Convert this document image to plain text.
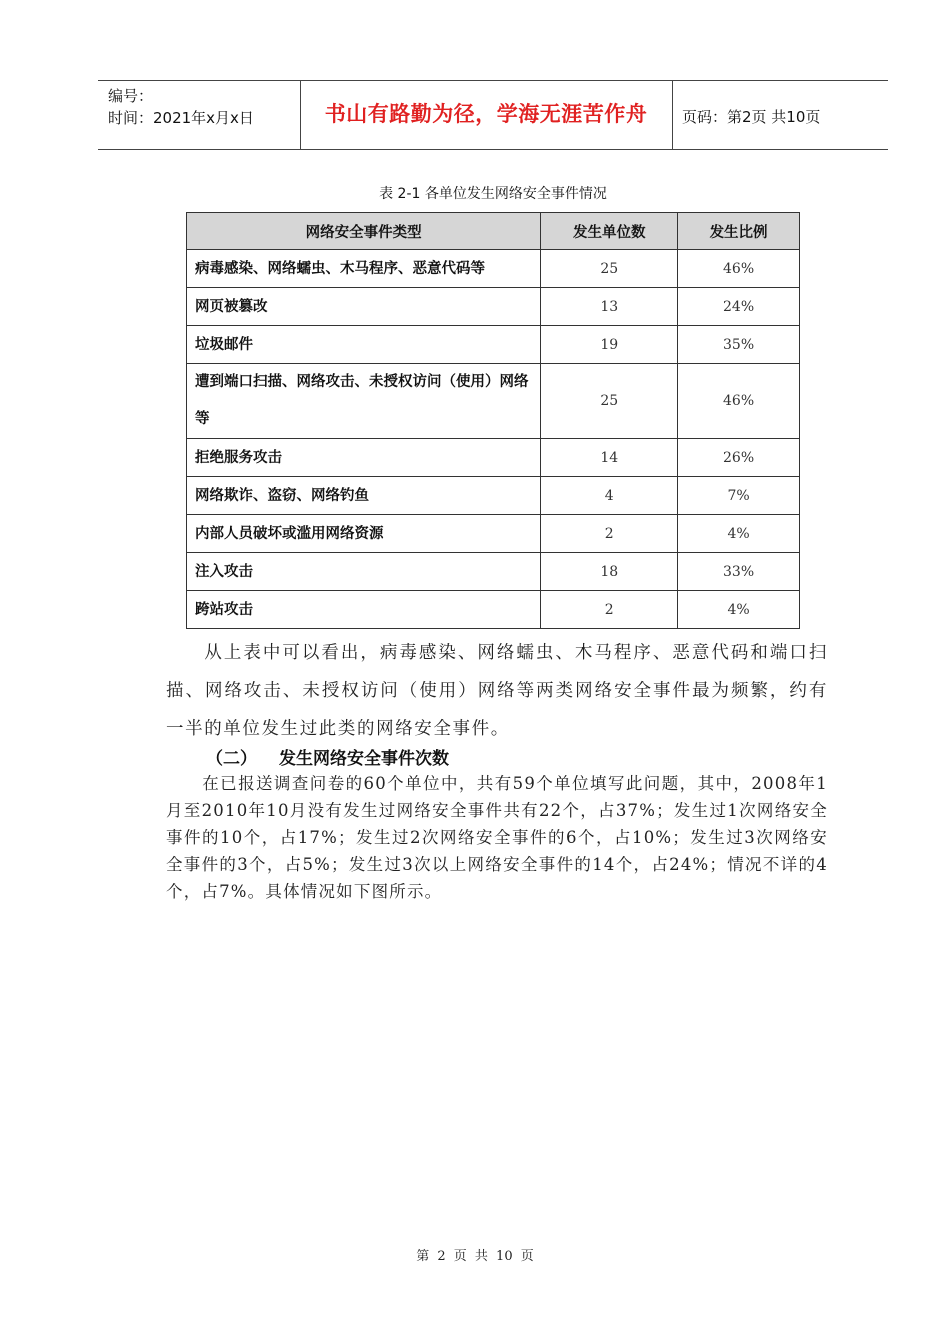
编号：
时间：2021年x月x日	书山有路勤为径，学海无涯苦作舟	页码：第2页 共10页
表 2-1 各单位发生网络安全事件情况
网络安全事件类型	发生单位数	发生比例
病毒感染、网络蠕虫、木马程序、恶意代码等	25	46%
网页被篡改	13	24%
垃圾邮件	19	35%
遭到端口扫描、网络攻击、未授权访问（使用）网络等	25	46%
拒绝服务攻击	14	26%
网络欺诈、盗窃、网络钓鱼	4	7%
内部人员破坏或滥用网络资源	2	4%
注入攻击	18	33%
跨站攻击	2	4%
从上表中可以看出，病毒感染、网络蠕虫、木马程序、恶意代码和端口扫描、网络攻击、未授权访问（使用）网络等两类网络安全事件最为频繁，约有一半的单位发生过此类的网络安全事件。
（二） 发生网络安全事件次数
在已报送调查问卷的60个单位中，共有59个单位填写此问题，其中，2008年1月至2010年10月没有发生过网络安全事件共有22个，占37%；发生过1次网络安全事件的10个，占17%；发生过2次网络安全事件的6个，占10%；发生过3次网络安全事件的3个，占5%；发生过3次以上网络安全事件的14个，占24%；情况不详的4个，占7%。具体情况如下图所示。
第 2 页 共 10 页
